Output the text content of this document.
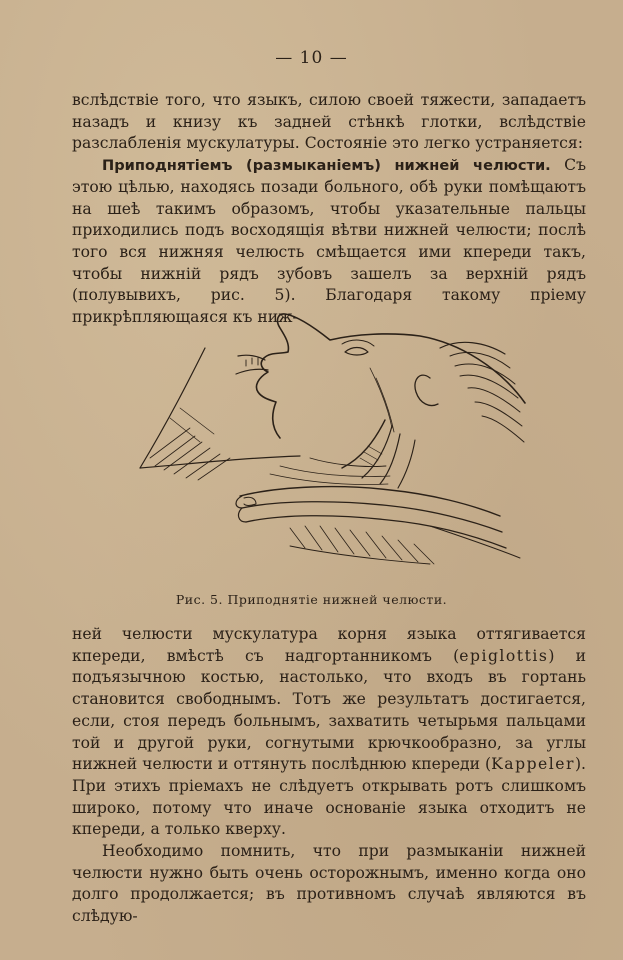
— 10 —

вслѣдствіе того, что языкъ, силою своей тяжести, западаетъ назадъ и книзу къ задней стѣнкѣ глотки, вслѣдствіе разслабленія мускулатуры. Состояніе это легко устраняется:

Приподнятіемъ (размыканіемъ) нижней челюсти. Съ этою цѣлью, находясь позади больного, обѣ руки помѣщаютъ на шеѣ такимъ образомъ, чтобы указательные пальцы приходились подъ восходящія вѣтви нижней челюсти; послѣ того вся нижняя челюсть смѣщается ими кпереди такъ, чтобы нижній рядъ зубовъ зашелъ за верхній рядъ (полувывихъ, рис. 5). Благодаря такому пріему прикрѣпляющаяся къ ниж-

Рис. 5. Приподнятіе нижней челюсти.

ней челюсти мускулатура корня языка оттягивается кпереди, вмѣстѣ съ надгортанникомъ (epiglottis) и подъязычною костью, настолько, что входъ въ гортань становится свободнымъ. Тотъ же результатъ достигается, если, стоя передъ больнымъ, захватить четырьмя пальцами той и другой руки, согнутыми крючкообразно, за углы нижней челюсти и оттянуть послѣднюю кпереди (Kappeler). При этихъ пріемахъ не слѣдуетъ открывать ротъ слишкомъ широко, потому что иначе основаніе языка отходитъ не кпереди, а только кверху.

Необходимо помнить, что при размыканіи нижней челюсти нужно быть очень осторожнымъ, именно когда оно долго продолжается; въ противномъ случаѣ являются въ слѣдую-
